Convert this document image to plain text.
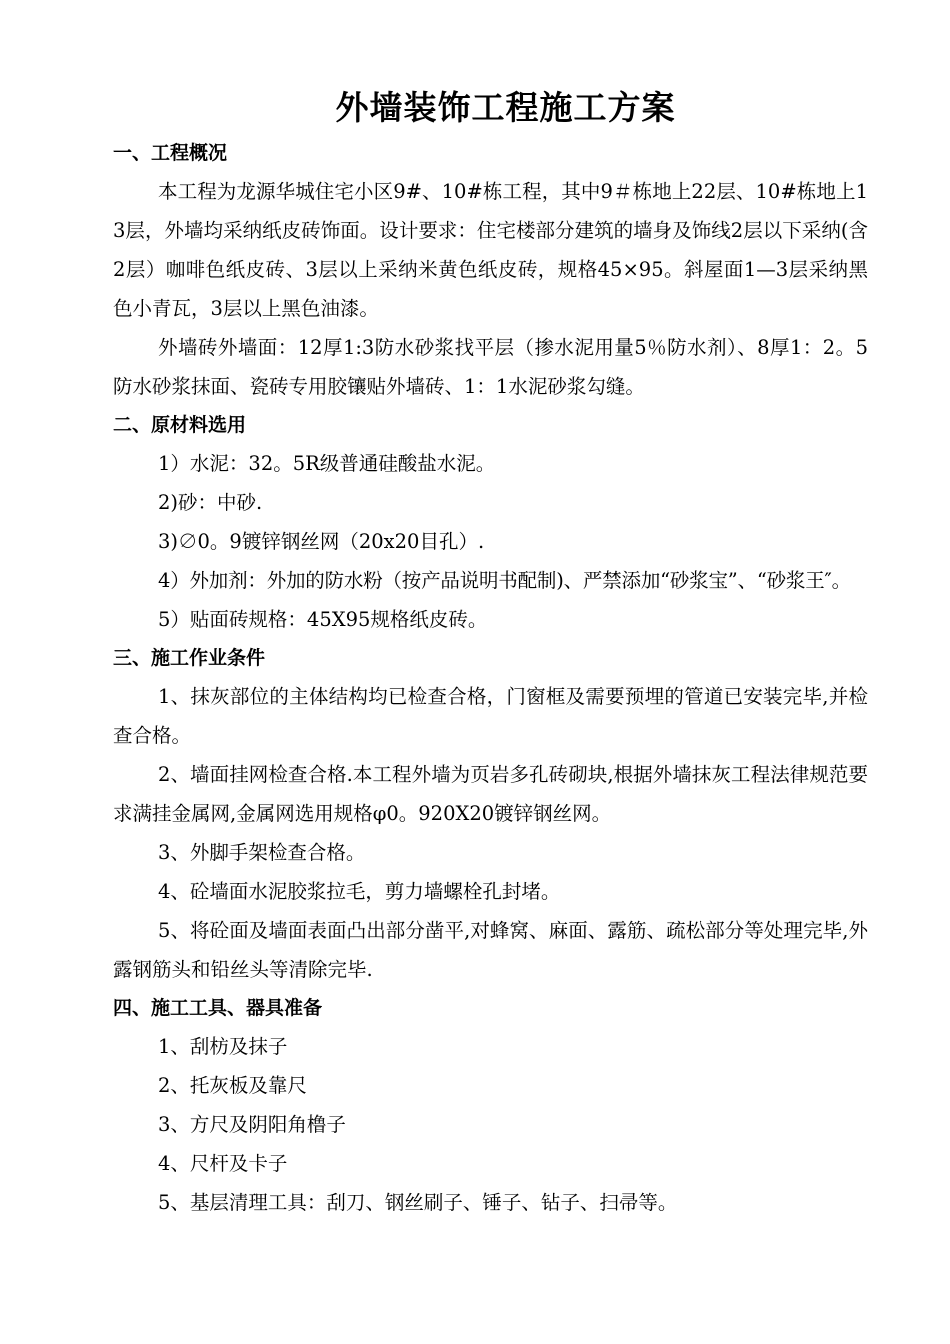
外墙装饰工程施工方案
一、工程概况

本工程为龙源华城住宅小区9#、10#栋工程，其中9＃栋地上22层、10#栋地上13层，外墙均采纳纸皮砖饰面。设计要求：住宅楼部分建筑的墙身及饰线2层以下采纳(含2层）咖啡色纸皮砖、3层以上采纳米黄色纸皮砖，规格45×95。斜屋面1—3层采纳黑色小青瓦，3层以上黑色油漆。

外墙砖外墙面：12厚1:3防水砂浆找平层（掺水泥用量5％防水剂）、8厚1：2。5防水砂浆抹面、瓷砖专用胶镶贴外墙砖、1：1水泥砂浆勾缝。

二、原材料选用

1）水泥：32。5R级普通硅酸盐水泥。

2)砂：中砂.

3)∅0。9镀锌钢丝网（20x20目孔）.

4）外加剂：外加的防水粉（按产品说明书配制)、严禁添加“砂浆宝”、“砂浆王″。

5）贴面砖规格：45X95规格纸皮砖。

三、施工作业条件

1、抹灰部位的主体结构均已检查合格，门窗框及需要预埋的管道已安装完毕,并检查合格。

2、墙面挂网检查合格.本工程外墙为页岩多孔砖砌块,根据外墙抹灰工程法律规范要求满挂金属网,金属网选用规格φ0。920X20镀锌钢丝网。

3、外脚手架检查合格。

4、砼墙面水泥胶浆拉毛，剪力墙螺栓孔封堵。

5、将砼面及墙面表面凸出部分凿平,对蜂窝、麻面、露筋、疏松部分等处理完毕,外露钢筋头和铅丝头等清除完毕.

四、施工工具、器具准备

1、刮枋及抹子

2、托灰板及靠尺

3、方尺及阴阳角橹子

4、尺杆及卡子

5、基层清理工具：刮刀、钢丝刷子、锤子、钻子、扫帚等。
